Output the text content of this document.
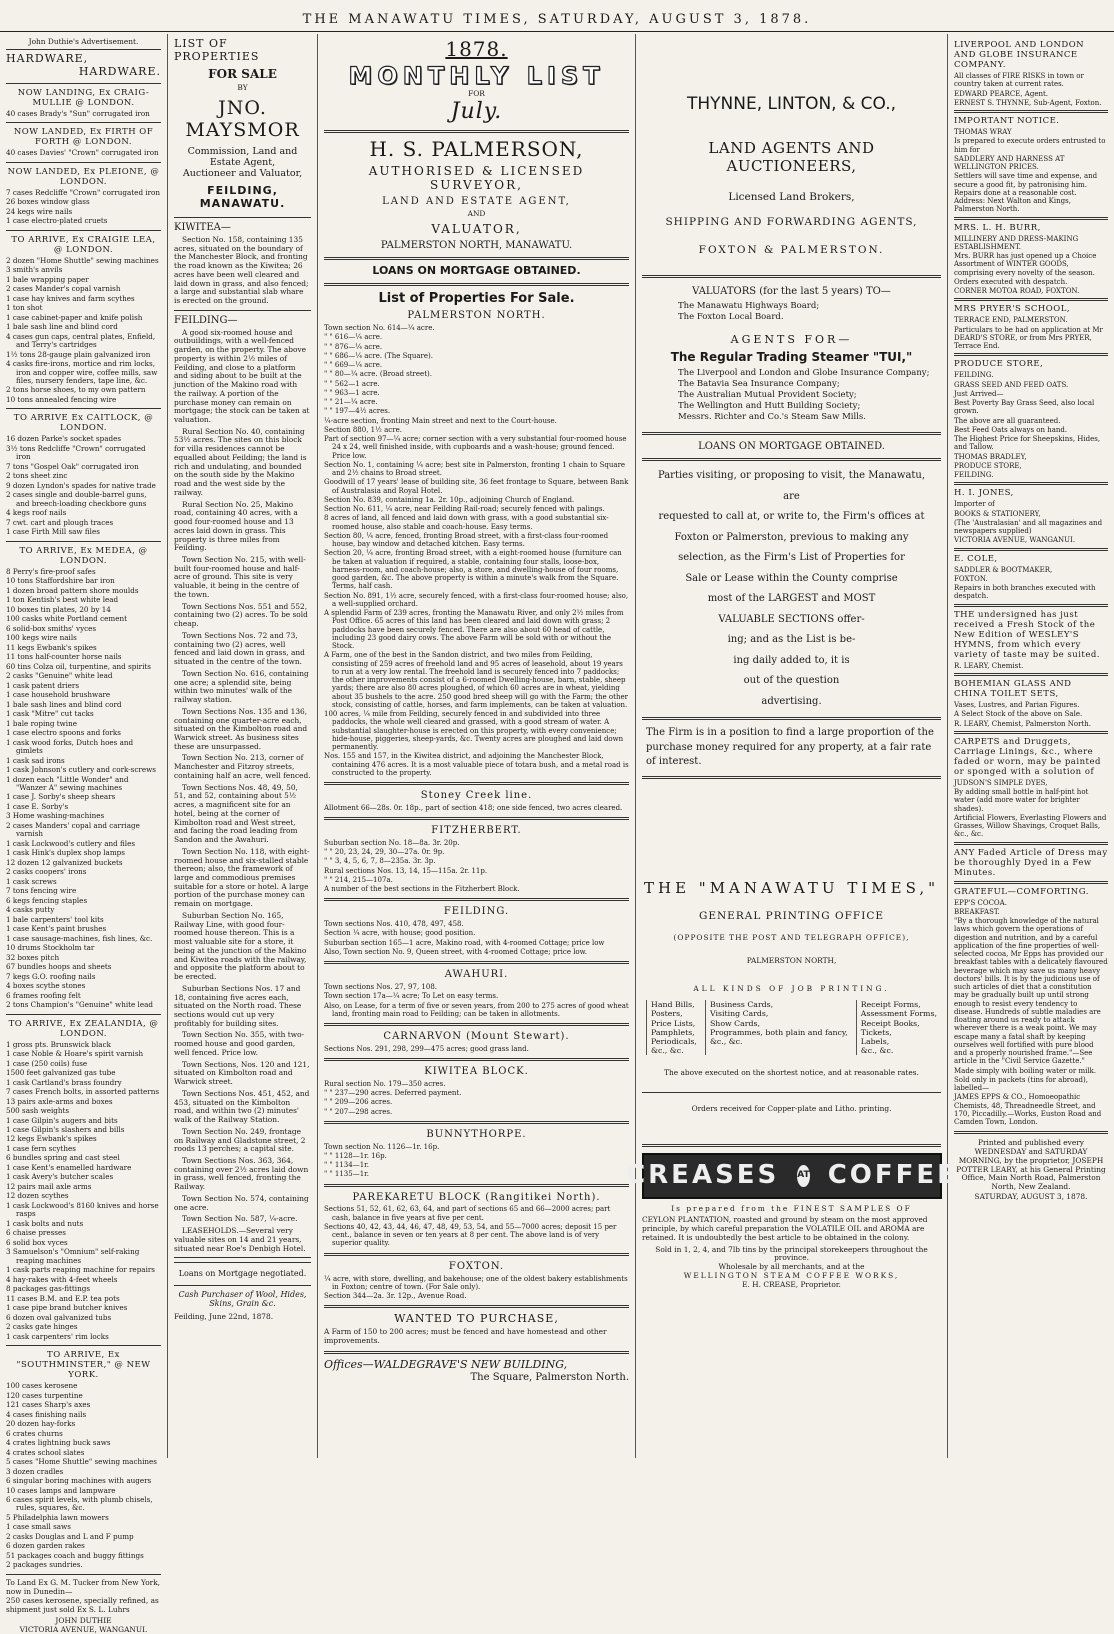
THE MANAWATU TIMES, SATURDAY, AUGUST 3, 1878.
John Duthie's Advertisement.
HARDWARE,
HARDWARE.
NOW LANDING, Ex CRAIG-MULLIE @ LONDON.

40 cases Brady's "Sun" corrugated iron

NOW LANDED, Ex FIRTH OF FORTH @ LONDON.

40 cases Davies' "Crown" corrugated iron

NOW LANDED, Ex PLEIONE, @ LONDON.

7 cases Redcliffe "Crown" corrugated iron

26 boxes window glass

24 kegs wire nails

1 case electro-plated cruets

TO ARRIVE, Ex CRAIGIE LEA, @ LONDON.

2 dozen "Home Shuttle" sewing machines

3 smith's anvils

1 bale wrapping paper

2 cases Mander's copal varnish

1 case hay knives and farm scythes

1 ton shot

1 case cabinet-paper and knife polish

1 bale sash line and blind cord

4 cases gun caps, central plates, Enfield, and Terry's cartridges

1½ tons 28-gauge plain galvanized iron

4 casks fire-irons, mortice and rim locks, iron and copper wire, coffee mills, saw files, nursery fenders, tape line, &c.

2 tons horse shoes, to my own pattern

10 tons annealed fencing wire

TO ARRIVE Ex CAITLOCK, @ LONDON.

16 dozen Parke's socket spades

3½ tons Redcliffe "Crown" corrugated iron

7 tons "Gospel Oak" corrugated iron

2 tons sheet zinc

9 dozen Lyndon's spades for native trade

2 cases single and double-barrel guns, and breech-loading checkbore guns

4 kegs roof nails

7 cwt. cart and plough traces

1 case Firth Mill saw files

TO ARRIVE, Ex MEDEA, @ LONDON.

8 Perry's fire-proof safes

10 tons Staffordshire bar iron

1 dozen broad pattern shore moulds

1 ton Kentish's best white lead

10 boxes tin plates, 20 by 14

100 casks white Portland cement

6 solid-box smiths' vyces

100 kegs wire nails

11 kegs Ewbank's spikes

11 tons half-counter horse nails

60 tins Colza oil, turpentine, and spirits

2 casks "Genuine" white lead

1 cask patent driers

1 case household brushware

1 bale sash lines and blind cord

1 cask "Mitre" cut tacks

1 bale roping twine

1 case electro spoons and forks

1 cask wood forks, Dutch hoes and gimlets

1 cask sad irons

1 cask Johnson's cutlery and cork-screws

1 dozen each "Little Wonder" and "Wanzer A" sewing machines

1 case J. Sorby's sheep shears

1 case E. Sorby's

3 Home washing-machines

2 cases Manders' copal and carriage varnish

1 cask Lockwood's cutlery and files

1 cask Hink's duplex shop lamps

12 dozen 12 galvanized buckets

2 casks coopers' irons

1 cask screws

7 tons fencing wire

6 kegs fencing staples

4 casks putty

1 bale carpenters' tool kits

1 case Kent's paint brushes

1 case sausage-machines, fish lines, &c.

10 drums Stockholm tar

32 boxes pitch

67 bundles hoops and sheets

7 kegs G.O. roofing nails

4 boxes scythe stones

6 frames roofing felt

2 tons Champion's "Genuine" white lead

TO ARRIVE, Ex ZEALANDIA, @ LONDON.

1 gross pts. Brunswick black

1 case Noble & Hoare's spirit varnish

1 case (250 coils) fuse

1500 feet galvanized gas tube

1 cask Cartland's brass foundry

7 cases French bolts, in assorted patterns

13 pairs axle-arms and boxes

500 sash weights

1 case Gilpin's augers and bits

1 case Gilpin's slashers and bills

12 kegs Ewbank's spikes

1 case fern scythes

6 bundles spring and cast steel

1 case Kent's enamelled hardware

1 cask Avery's butcher scales

12 pairs mail axle arms

12 dozen scythes

1 cask Lockwood's 8160 knives and horse rasps

1 cask bolts and nuts

6 chaise presses

6 solid box vyces

3 Samuelson's "Omnium" self-raking reaping machines

1 cask parts reaping machine for repairs

4 hay-rakes with 4-feet wheels

8 packages gas-fittings

11 cases B.M. and E.P. tea pots

1 case pipe brand butcher knives

6 dozen oval galvanized tubs

2 casks gate hinges

1 cask carpenters' rim locks

TO ARRIVE, Ex "SOUTHMINSTER," @ NEW YORK.

100 cases kerosene

120 cases turpentine

121 cases Sharp's axes

4 cases finishing nails

20 dozen hay-forks

6 crates churns

4 crates lightning buck saws

4 crates school slates

5 cases "Home Shuttle" sewing machines

3 dozen cradles

6 singular boring machines with augers

10 cases lamps and lampware

6 cases spirit levels, with plumb chisels, rules, squares, &c.

5 Philadelphia lawn mowers

1 case small saws

2 casks Douglas and L and F pump

6 dozen garden rakes

51 packages coach and buggy fittings

2 packages sundries.

To Land Ex G. M. Tucker from New York, now in Dunedin—

250 cases kerosene, specially refined, as shipment just sold Ex S. L. Luhrs

JOHN DUTHIE
VICTORIA AVENUE, WANGANUI.
LIST OF PROPERTIES
FOR SALE
BY
JNO. MAYSMOR
Commission, Land and Estate Agent,
Auctioneer and Valuator,
FEILDING, MANAWATU.
KIWITEA—

Section No. 158, containing 135 acres, situated on the boundary of the Manchester Block, and fronting the road known as the Kiwitea; 26 acres have been well cleared and laid down in grass, and also fenced; a large and substantial slab whare is erected on the ground.

FEILDING—

A good six-roomed house and outbuildings, with a well-fenced garden, on the property. The above property is within 2½ miles of Feilding, and close to a platform and siding about to be built at the junction of the Makino road with the railway. A portion of the purchase money can remain on mortgage; the stock can be taken at valuation.

Rural Section No. 40, containing 53½ acres. The sites on this block for villa residences cannot be equalled about Feilding; the land is rich and undulating, and bounded on the south side by the Makino road and the west side by the railway.

Rural Section No. 25, Makino road, containing 40 acres, with a good four-roomed house and 13 acres laid down in grass. This property is three miles from Feilding.

Town Section No. 215, with well-built four-roomed house and half-acre of ground. This site is very valuable, it being in the centre of the town.

Town Sections Nos. 551 and 552, containing two (2) acres. To be sold cheap.

Town Sections Nos. 72 and 73, containing two (2) acres, well fenced and laid down in grass, and situated in the centre of the town.

Town Section No. 616, containing one acre; a splendid site, being within two minutes' walk of the railway station.

Town Sections Nos. 135 and 136, containing one quarter-acre each, situated on the Kimbolton road and Warwick street. As business sites these are unsurpassed.

Town Section No. 213, corner of Manchester and Fitzroy streets, containing half an acre, well fenced.

Town Sections Nos. 48, 49, 50, 51, and 52, containing about 5½ acres, a magnificent site for an hotel, being at the corner of Kimbolton road and West street, and facing the road leading from Sandon and the Awahuri.

Town Section No. 118, with eight-roomed house and six-stalled stable thereon; also, the framework of large and commodious premises suitable for a store or hotel. A large portion of the purchase money can remain on mortgage.

Suburban Section No. 165, Railway Line, with good four-roomed house thereon. This is a most valuable site for a store, it being at the junction of the Makino and Kiwitea roads with the railway, and opposite the platform about to be erected.

Suburban Sections Nos. 17 and 18, containing five acres each, situated on the North road. These sections would cut up very profitably for building sites.

Town Section No. 355, with two-roomed house and good garden, well fenced. Price low.

Town Sections, Nos. 120 and 121, situated on Kimbolton road and Warwick street.

Town Sections Nos. 451, 452, and 453, situated on the Kimbolton road, and within two (2) minutes' walk of the Railway Station.

Town Section No. 249, frontage on Railway and Gladstone street, 2 roods 13 perches; a capital site.

Town Sections Nos. 363, 364, containing over 2½ acres laid down in grass, well fenced, fronting the Railway.

Town Section No. 574, containing one acre.

Town Section No. 587, ¼-acre.

LEASEHOLDS.—Several very valuable sites on 14 and 21 years, situated near Roe's Denbigh Hotel.

Loans on Mortgage negotiated.
Cash Purchaser of Wool, Hides, Skins, Grain &c.
Feilding, June 22nd, 1878.
1878.
MONTHLY LIST
FOR
July.
H. S. PALMERSON,
AUTHORISED & LICENSED SURVEYOR,
LAND AND ESTATE AGENT,
AND
VALUATOR,
PALMERSTON NORTH, MANAWATU.
LOANS ON MORTGAGE OBTAINED.
List of Properties For Sale.
PALMERSTON NORTH.

Town section No. 614—¼ acre.

" " 616—¼ acre.

" " 876—¼ acre.

" " 686—¼ acre. (The Square).

" " 669—¼ acre.

" " 80—¼ acre. (Broad street).

" " 562—1 acre.

" " 963—1 acre.

" " 21—¼ acre.

" " 197—4½ acres.

¼-acre section, fronting Main street and next to the Court-house.

Section 880, 1½ acre.

Part of section 97—¼ acre; corner section with a very substantial four-roomed house 24 x 24, well finished inside, with cupboards and a wash-house; ground fenced. Price low.

Section No. 1, containing ¼ acre; best site in Palmerston, fronting 1 chain to Square and 2½ chains to Broad street.

Goodwill of 17 years' lease of building site, 36 feet frontage to Square, between Bank of Australasia and Royal Hotel.

Section No. 839, containing 1a. 2r. 10p., adjoining Church of England.

Section No. 611, ¼ acre, near Feilding Rail-road; securely fenced with palings.

8 acres of land, all fenced and laid down with grass, with a good substantial six-roomed house, also stable and coach-house. Easy terms.

Section 80, ¼ acre, fenced, fronting Broad street, with a first-class four-roomed house, bay window and detached kitchen. Easy terms.

Section 20, ¼ acre, fronting Broad street, with a eight-roomed house (furniture can be taken at valuation if required, a stable, containing four stalls, loose-box, harness-room, and coach-house; also, a store, and dwelling-house of four rooms, good garden, &c. The above property is within a minute's walk from the Square. Terms, half cash.

Section No. 891, 1½ acre, securely fenced, with a first-class four-roomed house; also, a well-supplied orchard.

A splendid Farm of 239 acres, fronting the Manawatu River, and only 2½ miles from Post Office. 65 acres of this land has been cleared and laid down with grass; 2 paddocks have been securely fenced. There are also about 60 head of cattle, including 23 good dairy cows. The above Farm will be sold with or without the Stock.

A Farm, one of the best in the Sandon district, and two miles from Feilding, consisting of 259 acres of freehold land and 95 acres of leasehold, about 19 years to run at a very low rental. The freehold land is securely fenced into 7 paddocks; the other improvements consist of a 6-roomed Dwelling-house, barn, stable, sheep yards; there are also 80 acres ploughed, of which 60 acres are in wheat, yielding about 35 bushels to the acre. 250 good bred sheep will go with the Farm; the other stock, consisting of cattle, horses, and farm implements, can be taken at valuation.

100 acres, ¼ mile from Feilding, securely fenced in and subdivided into three paddocks, the whole well cleared and grassed, with a good stream of water. A substantial slaughter-house is erected on this property, with every convenience; hide-house, piggeries, sheep-yards, &c. Twenty acres are ploughed and laid down permanently.

Nos. 155 and 157, in the Kiwitea district, and adjoining the Manchester Block, containing 476 acres. It is a most valuable piece of totara bush, and a metal road is constructed to the property.

Stoney Creek line.

Allotment 66—28s. 0r. 18p., part of section 418; one side fenced, two acres cleared.

FITZHERBERT.

Suburban section No. 18—8a. 3r. 20p.

" " 20, 23, 24, 29, 30—27a. 0r. 9p.

" " 3, 4, 5, 6, 7, 8—235a. 3r. 3p.

Rural sections Nos. 13, 14, 15—115a. 2r. 11p.

" " 214, 215—107a.

A number of the best sections in the Fitzherbert Block.

FEILDING.

Town sections Nos. 410, 478, 497, 458.

Section ¼ acre, with house; good position.

Suburban section 165—1 acre, Makino road, with 4-roomed Cottage; price low

Also, Town section No. 9, Queen street, with 4-roomed Cottage; price low.

AWAHURI.

Town sections Nos. 27, 97, 108.

Town section 17a—¼ acre; To Let on easy terms.

Also, on Lease, for a term of five or seven years, from 200 to 275 acres of good wheat land, fronting main road to Feilding; can be taken in allotments.

CARNARVON (Mount Stewart).

Sections Nos. 291, 298, 299—475 acres; good grass land.

KIWITEA BLOCK.

Rural section No. 179—350 acres.

" " 237—290 acres. Deferred payment.

" " 209—206 acres.

" " 207—298 acres.

BUNNYTHORPE.

Town section No. 1126—1r. 16p.

" " 1128—1r. 16p.

" " 1134—1r.

" " 1135—1r.

PAREKARETU BLOCK (Rangitikei North).

Sections 51, 52, 61, 62, 63, 64, and part of sections 65 and 66—2000 acres; part cash, balance in five years at five per cent.

Sections 40, 42, 43, 44, 46, 47, 48, 49, 53, 54, and 55—7000 acres; deposit 15 per cent., balance in seven or ten years at 8 per cent. The above land is of very superior quality.

FOXTON.

¼ acre, with store, dwelling, and bakehouse; one of the oldest bakery establishments in Foxton; centre of town. (For Sale only).

Section 344—2a. 3r. 12p., Avenue Road.

WANTED TO PURCHASE,

A Farm of 150 to 200 acres; must be fenced and have homestead and other improvements.

Offices—WALDEGRAVE'S NEW BUILDING,
The Square, Palmerston North.
THYNNE, LINTON, & CO.,
LAND AGENTS AND AUCTIONEERS,
Licensed Land Brokers,
SHIPPING AND FORWARDING AGENTS,
FOXTON & PALMERSTON.
VALUATORS (for the last 5 years) TO—

The Manawatu Highways Board;

The Foxton Local Board.

AGENTS FOR—
The Regular Trading Steamer "TUI,"

The Liverpool and London and Globe Insurance Company;

The Batavia Sea Insurance Company;

The Australian Mutual Provident Society;

The Wellington and Hutt Building Society;

Messrs. Richter and Co.'s Steam Saw Mills.

LOANS ON MORTGAGE OBTAINED.
Parties visiting, or proposing to visit, the Manawatu, are
requested to call at, or write to, the Firm's offices at
Foxton or Palmerston, previous to making any
selection, as the Firm's List of Properties for
Sale or Lease within the County comprise
most of the LARGEST and MOST
VALUABLE SECTIONS offer-
ing; and as the List is be-
ing daily added to, it is
out of the question
advertising.

The Firm is in a position to find a large proportion of the purchase money required for any property, at a fair rate of interest.

THE "MANAWATU TIMES,"
GENERAL PRINTING OFFICE
(OPPOSITE THE POST AND TELEGRAPH OFFICE),
PALMERSTON NORTH,
ALL KINDS OF JOB PRINTING.
Hand Bills,
Posters,
Price Lists,
Pamphlets,
Periodicals,
&c., &c.
Business Cards,
Visiting Cards,
Show Cards,
Programmes, both plain and fancy,
&c., &c.
Receipt Forms,
Assessment Forms,
Receipt Books,
Tickets,
Labels,
&c., &c.
The above executed on the shortest notice, and at reasonable rates.
Orders received for Copper-plate and Litho. printing.
CREASES AT COFFEE
Is prepared from the FINEST SAMPLES OF

CEYLON PLANTATION, roasted and ground by steam on the most approved principle, by which careful preparation the VOLATILE OIL and AROMA are retained. It is undoubtedly the best article to be obtained in the colony.

Sold in 1, 2, 4, and 7lb tins by the principal storekeepers throughout the province.
Wholesale by all merchants, and at the
WELLINGTON STEAM COFFEE WORKS,
E. H. CREASE, Proprietor.
LIVERPOOL AND LONDON AND GLOBE INSURANCE COMPANY.

All classes of FIRE RISKS in town or country taken at current rates.

EDWARD PEARCE, Agent.

ERNEST S. THYNNE, Sub-Agent, Foxton.

IMPORTANT NOTICE.

THOMAS WRAY

Is prepared to execute orders entrusted to him for

SADDLERY AND HARNESS AT WELLINGTON PRICES.

Settlers will save time and expense, and secure a good fit, by patronising him. Repairs done at a reasonable cost. Address: Next Walton and Kings, Palmerston North.

MRS. L. H. BURR,

MILLINERY AND DRESS-MAKING ESTABLISHMENT.

Mrs. BURR has just opened up a Choice Assortment of WINTER GOODS, comprising every novelty of the season.

Orders executed with despatch.

CORNER MOTOA ROAD, FOXTON.

MRS PRYER'S SCHOOL,

TERRACE END, PALMERSTON.

Particulars to be had on application at Mr DEARD'S STORE, or from Mrs PRYER, Terrace End.

PRODUCE STORE,

FEILDING.

GRASS SEED AND FEED OATS.

Just Arrived—

Best Poverty Bay Grass Seed, also local grown.

The above are all guaranteed.

Best Feed Oats always on hand.

The Highest Price for Sheepskins, Hides, and Tallow.

THOMAS BRADLEY,

PRODUCE STORE,

FEILDING.

H. I. JONES,

Importer of

BOOKS & STATIONERY,

(The 'Australasian' and all magazines and newspapers supplied)

VICTORIA AVENUE, WANGANUI.

E. COLE,

SADDLER & BOOTMAKER,

FOXTON.

Repairs in both branches executed with despatch.

THE undersigned has just received a Fresh Stock of the New Edition of WESLEY'S HYMNS, from which every variety of taste may be suited.

R. LEARY, Chemist.

BOHEMIAN GLASS AND CHINA TOILET SETS,

Vases, Lustres, and Parian Figures.

A Select Stock of the above on Sale.

R. LEARY, Chemist, Palmerston North.

CARPETS and Druggets, Carriage Linings, &c., where faded or worn, may be painted or sponged with a solution of

JUDSON'S SIMPLE DYES,

By adding small bottle in half-pint hot water (add more water for brighter shades).

Artificial Flowers, Everlasting Flowers and Grasses, Willow Shavings, Croquet Balls, &c., &c.

ANY Faded Article of Dress may be thoroughly Dyed in a Few Minutes.
GRATEFUL—COMFORTING.

EPP'S COCOA.

BREAKFAST.

"By a thorough knowledge of the natural laws which govern the operations of digestion and nutrition, and by a careful application of the fine properties of well-selected cocoa, Mr Epps has provided our breakfast tables with a delicately flavoured beverage which may save us many heavy doctors' bills. It is by the judicious use of such articles of diet that a constitution may be gradually built up until strong enough to resist every tendency to disease. Hundreds of subtle maladies are floating around us ready to attack wherever there is a weak point. We may escape many a fatal shaft by keeping ourselves well fortified with pure blood and a properly nourished frame."—See article in the "Civil Service Gazette."

Made simply with boiling water or milk.

Sold only in packets (tins for abroad), labelled—

JAMES EPPS & CO., Homoeopathic Chemists, 48, Threadneedle Street, and 170, Piccadilly.—Works, Euston Road and Camden Town, London.

Printed and published every WEDNESDAY and SATURDAY MORNING, by the proprietor, JOSEPH POTTER LEARY, at his General Printing Office, Main North Road, Palmerston North, New Zealand.

SATURDAY, AUGUST 3, 1878.
